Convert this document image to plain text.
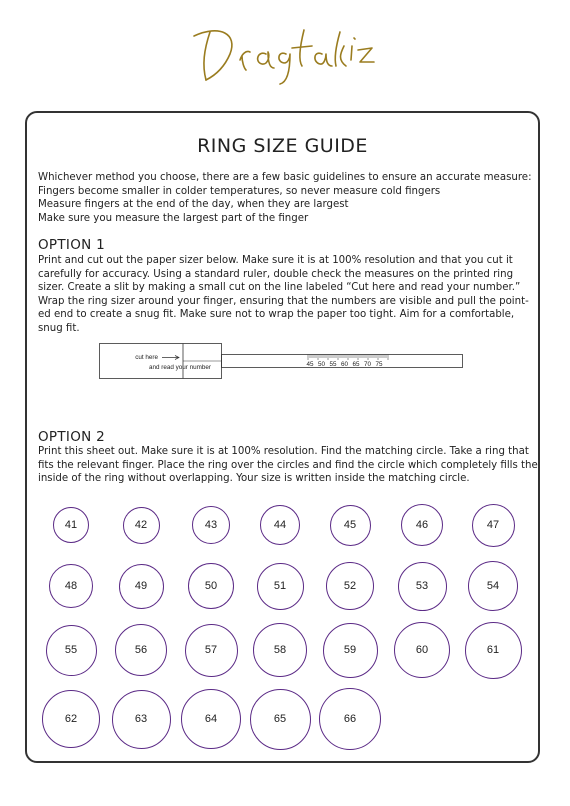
RING SIZE GUIDE
Whichever method you choose, there are a few basic guidelines to ensure an accurate measure:
Fingers become smaller in colder temperatures, so never measure cold fingers
Measure fingers at the end of the day, when they are largest
Make sure you measure the largest part of the finger
OPTION 1
Print and cut out the paper sizer below. Make sure it is at 100% resolution and that you cut it carefully for accuracy. Using a standard ruler, double check the measures on the printed ring sizer. Create a slit by making a small cut on the line labeled “Cut here and read your number.” Wrap the ring sizer around your finger, ensuring that the numbers are visible and pull the point-ed end to create a snug fit. Make sure not to wrap the paper too tight. Aim for a comfortable, snug fit.
cut here
and read your number	45 50 55 60 65 70 75
OPTION 2
Print this sheet out. Make sure it is at 100% resolution. Find the matching circle. Take a ring that fits the relevant finger. Place the ring over the circles and find the circle which completely fills the inside of the ring without overlapping. Your size is written inside the matching circle.
41	42	43	44	45	46	47
48	49	50	51	52	53	54
55	56	57	58	59	60	61
62	63	64	65	66
